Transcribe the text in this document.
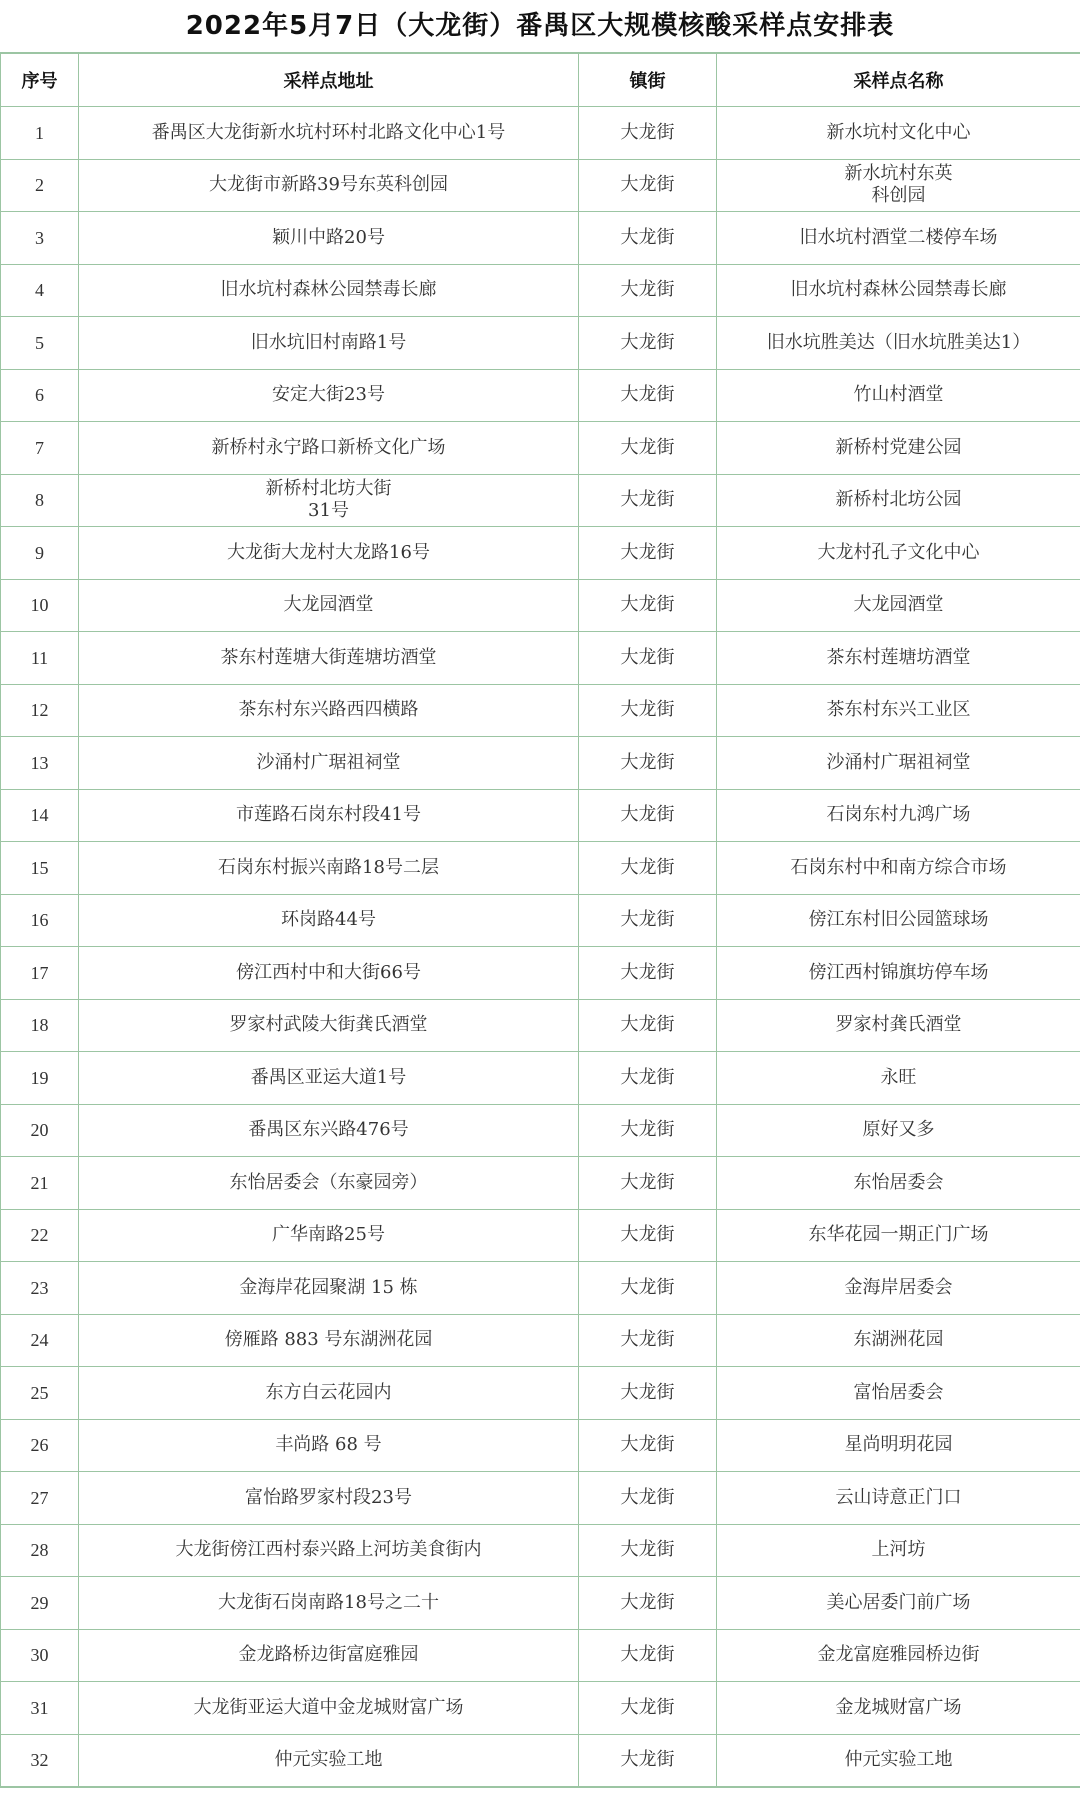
2022年5月7日（大龙街）番禺区大规模核酸采样点安排表
序号	采样点地址	镇街	采样点名称
1	番禺区大龙街新水坑村环村北路文化中心1号	大龙街	新水坑村文化中心
2	大龙街市新路39号东英科创园	大龙街	新水坑村东英
科创园
3	颖川中路20号	大龙街	旧水坑村酒堂二楼停车场
4	旧水坑村森林公园禁毒长廊	大龙街	旧水坑村森林公园禁毒长廊
5	旧水坑旧村南路1号	大龙街	旧水坑胜美达（旧水坑胜美达1）
6	安定大街23号	大龙街	竹山村酒堂
7	新桥村永宁路口新桥文化广场	大龙街	新桥村党建公园
8	新桥村北坊大街
31号	大龙街	新桥村北坊公园
9	大龙街大龙村大龙路16号	大龙街	大龙村孔子文化中心
10	大龙园酒堂	大龙街	大龙园酒堂
11	茶东村莲塘大街莲塘坊酒堂	大龙街	茶东村莲塘坊酒堂
12	茶东村东兴路西四横路	大龙街	茶东村东兴工业区
13	沙涌村广琚祖祠堂	大龙街	沙涌村广琚祖祠堂
14	市莲路石岗东村段41号	大龙街	石岗东村九鸿广场
15	石岗东村振兴南路18号二层	大龙街	石岗东村中和南方综合市场
16	环岗路44号	大龙街	傍江东村旧公园篮球场
17	傍江西村中和大街66号	大龙街	傍江西村锦旗坊停车场
18	罗家村武陵大街龚氏酒堂	大龙街	罗家村龚氏酒堂
19	番禺区亚运大道1号	大龙街	永旺
20	番禺区东兴路476号	大龙街	原好又多
21	东怡居委会（东豪园旁）	大龙街	东怡居委会
22	广华南路25号	大龙街	东华花园一期正门广场
23	金海岸花园聚湖 15 栋	大龙街	金海岸居委会
24	傍雁路 883 号东湖洲花园	大龙街	东湖洲花园
25	东方白云花园内	大龙街	富怡居委会
26	丰尚路 68 号	大龙街	星尚明玥花园
27	富怡路罗家村段23号	大龙街	云山诗意正门口
28	大龙街傍江西村泰兴路上河坊美食街内	大龙街	上河坊
29	大龙街石岗南路18号之二十	大龙街	美心居委门前广场
30	金龙路桥边街富庭雅园	大龙街	金龙富庭雅园桥边街
31	大龙街亚运大道中金龙城财富广场	大龙街	金龙城财富广场
32	仲元实验工地	大龙街	仲元实验工地
